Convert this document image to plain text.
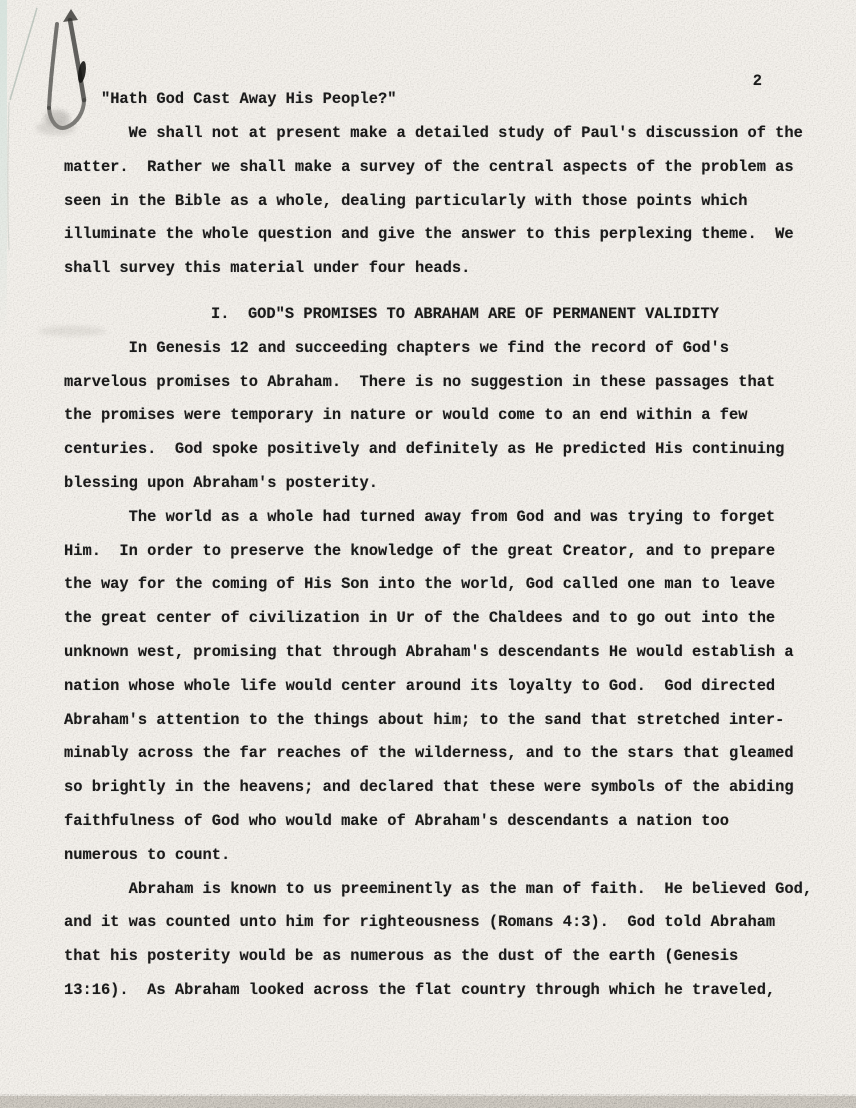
"Hath God Cast Away His People?"

2

We shall not at present make a detailed study of Paul's discussion of the
matter.  Rather we shall make a survey of the central aspects of the problem as
seen in the Bible as a whole, dealing particularly with those points which
illuminate the whole question and give the answer to this perplexing theme.  We
shall survey this material under four heads.
I.  GOD"S PROMISES TO ABRAHAM ARE OF PERMANENT VALIDITY
In Genesis 12 and succeeding chapters we find the record of God's
marvelous promises to Abraham.  There is no suggestion in these passages that
the promises were temporary in nature or would come to an end within a few
centuries.  God spoke positively and definitely as He predicted His continuing
blessing upon Abraham's posterity.
The world as a whole had turned away from God and was trying to forget
Him.  In order to preserve the knowledge of the great Creator, and to prepare
the way for the coming of His Son into the world, God called one man to leave
the great center of civilization in Ur of the Chaldees and to go out into the
unknown west, promising that through Abraham's descendants He would establish a
nation whose whole life would center around its loyalty to God.  God directed
Abraham's attention to the things about him; to the sand that stretched inter-
minably across the far reaches of the wilderness, and to the stars that gleamed
so brightly in the heavens; and declared that these were symbols of the abiding
faithfulness of God who would make of Abraham's descendants a nation too
numerous to count.
Abraham is known to us preeminently as the man of faith.  He believed God,
and it was counted unto him for righteousness (Romans 4:3).  God told Abraham
that his posterity would be as numerous as the dust of the earth (Genesis
13:16).  As Abraham looked across the flat country through which he traveled,
